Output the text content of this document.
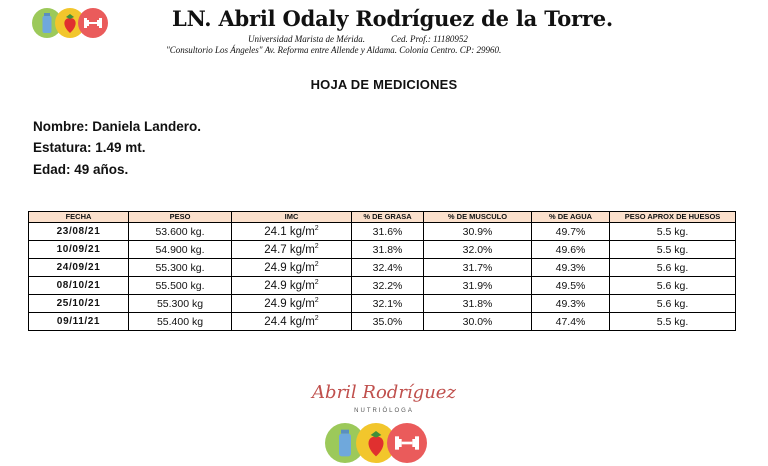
LN. Abril Odaly Rodríguez de la Torre.
Universidad Marista de Mérida.	Ced. Prof.: 11180952
"Consultorio Los Ángeles" Av. Reforma entre Allende y Aldama. Colonia Centro. CP: 29960.
HOJA DE MEDICIONES
Nombre: Daniela Landero.
Estatura: 1.49 mt.
Edad: 49 años.
FECHA	PESO	IMC	% DE GRASA	% DE MUSCULO	% DE AGUA	PESO APROX DE HUESOS
23/08/21	53.600 kg.	24.1 $kg/m^2$	31.6%	30.9%	49.7%	5.5 kg.
10/09/21	54.900 kg.	24.7 $kg/m^2$	31.8%	32.0%	49.6%	5.5 kg.
24/09/21	55.300 kg.	24.9 $kg/m^2$	32.4%	31.7%	49.3%	5.6 kg.
08/10/21	55.500 kg.	24.9 $kg/m^2$	32.2%	31.9%	49.5%	5.6 kg.
25/10/21	55.300 kg	24.9 $kg/m^2$	32.1%	31.8%	49.3%	5.6 kg.
09/11/21	55.400 kg	24.4 $kg/m^2$	35.0%	30.0%	47.4%	5.5 kg.
Abril Rodríguez
NUTRIÓLOGA
